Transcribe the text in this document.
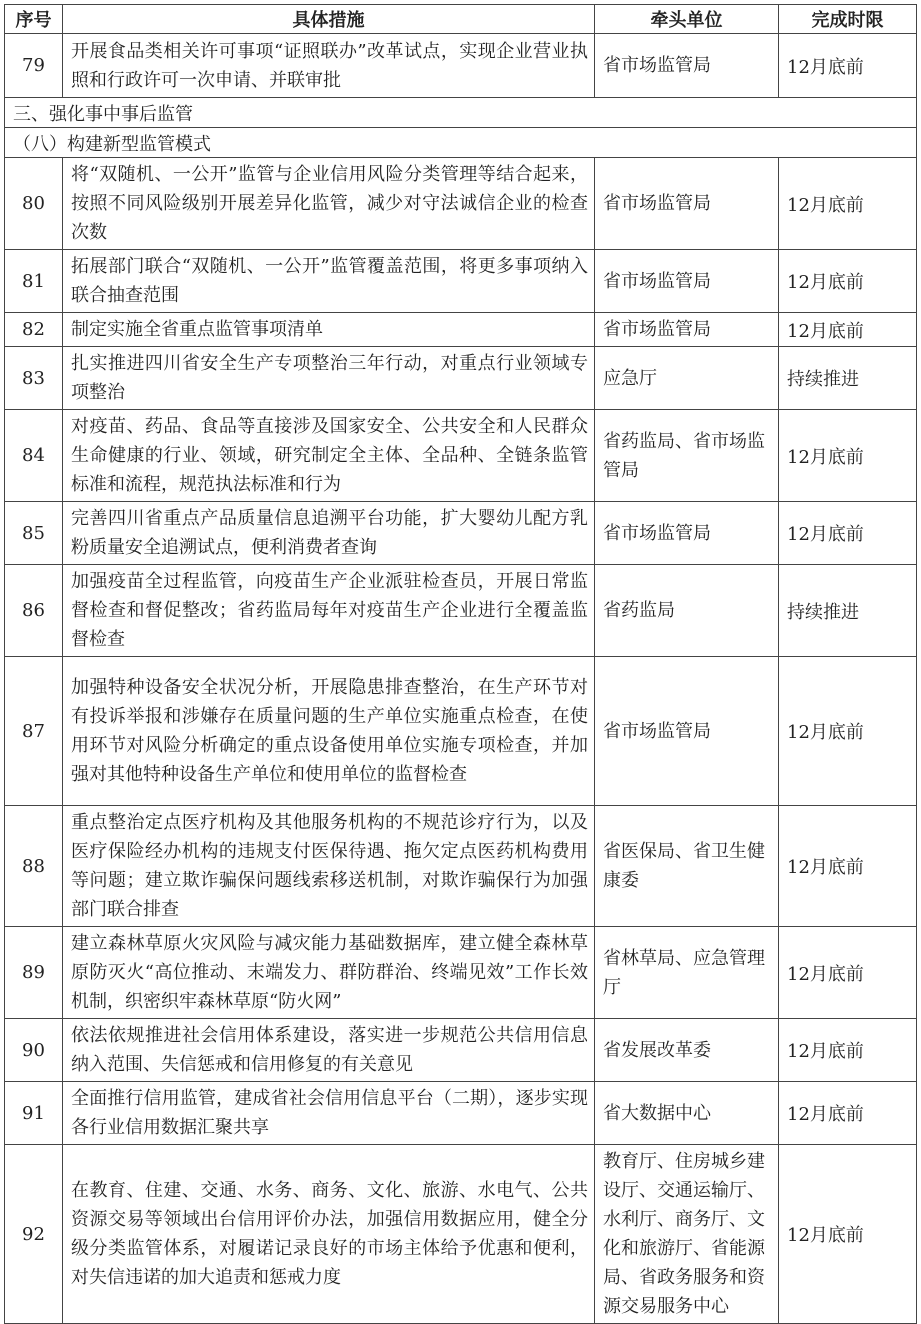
序号	具体措施	牵头单位	完成时限
79	开展食品类相关许可事项“证照联办”改革试点，实现企业营业执照和行政许可一次申请、并联审批	省市场监管局	12月底前
三、强化事中事后监管			
（八）构建新型监管模式			
80	将“双随机、一公开”监管与企业信用风险分类管理等结合起来，按照不同风险级别开展差异化监管，减少对守法诚信企业的检查次数	省市场监管局	12月底前
81	拓展部门联合“双随机、一公开”监管覆盖范围，将更多事项纳入联合抽查范围	省市场监管局	12月底前
82	制定实施全省重点监管事项清单	省市场监管局	12月底前
83	扎实推进四川省安全生产专项整治三年行动，对重点行业领域专项整治	应急厅	持续推进
84	对疫苗、药品、食品等直接涉及国家安全、公共安全和人民群众生命健康的行业、领域，研究制定全主体、全品种、全链条监管标准和流程，规范执法标准和行为	省药监局、省市场监管局	12月底前
85	完善四川省重点产品质量信息追溯平台功能，扩大婴幼儿配方乳粉质量安全追溯试点，便利消费者查询	省市场监管局	12月底前
86	加强疫苗全过程监管，向疫苗生产企业派驻检查员，开展日常监督检查和督促整改；省药监局每年对疫苗生产企业进行全覆盖监督检查	省药监局	持续推进
87	加强特种设备安全状况分析，开展隐患排查整治，在生产环节对有投诉举报和涉嫌存在质量问题的生产单位实施重点检查，在使用环节对风险分析确定的重点设备使用单位实施专项检查，并加强对其他特种设备生产单位和使用单位的监督检查	省市场监管局	12月底前
88	重点整治定点医疗机构及其他服务机构的不规范诊疗行为，以及医疗保险经办机构的违规支付医保待遇、拖欠定点医药机构费用等问题；建立欺诈骗保问题线索移送机制，对欺诈骗保行为加强部门联合排查	省医保局、省卫生健康委	12月底前
89	建立森林草原火灾风险与减灾能力基础数据库，建立健全森林草原防灭火“高位推动、末端发力、群防群治、终端见效”工作长效机制，织密织牢森林草原“防火网”	省林草局、应急管理厅	12月底前
90	依法依规推进社会信用体系建设，落实进一步规范公共信用信息纳入范围、失信惩戒和信用修复的有关意见	省发展改革委	12月底前
91	全面推行信用监管，建成省社会信用信息平台（二期），逐步实现各行业信用数据汇聚共享	省大数据中心	12月底前
92	在教育、住建、交通、水务、商务、文化、旅游、水电气、公共资源交易等领域出台信用评价办法，加强信用数据应用，健全分级分类监管体系，对履诺记录良好的市场主体给予优惠和便利，对失信违诺的加大追责和惩戒力度	教育厅、住房城乡建设厅、交通运输厅、水利厅、商务厅、文化和旅游厅、省能源局、省政务服务和资源交易服务中心	12月底前
